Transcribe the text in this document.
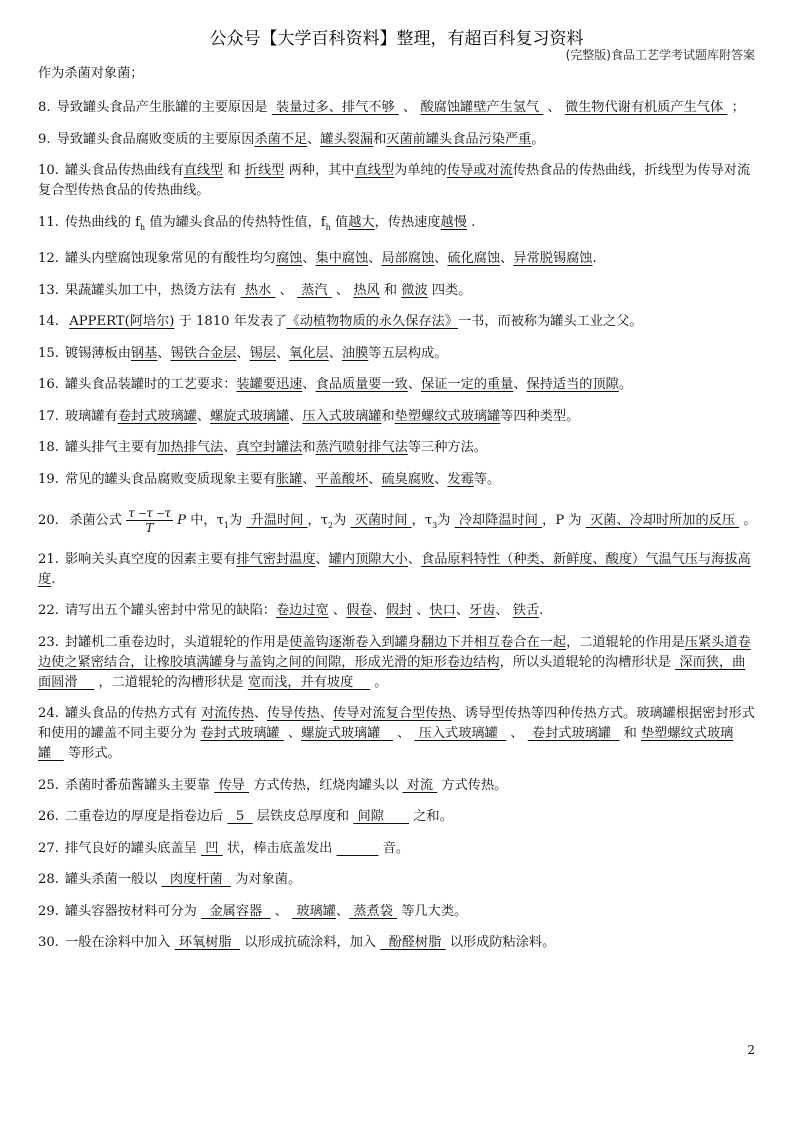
公众号【大学百科资料】整理，有超百科复习资料
(完整版)食品工艺学考试题库附答案
作为杀菌对象菌；
8. 导致罐头食品产生胀罐的主要原因是  装量过多、排气不够  、 酸腐蚀罐壁产生氢气  、 微生物代谢有机质产生气体  ；
9. 导致罐头食品腐败变质的主要原因杀菌不足、罐头裂漏和灭菌前罐头食品污染严重。
10. 罐头食品传热曲线有直线型 和 折线型 两种，其中直线型为单纯的传导或对流传热食品的传热曲线，折线型为传导对流复合型传热食品的传热曲线。
11. 传热曲线的 $f_h$ 值为罐头食品的传热特性值，$f_h$ 值越大，传热速度越慢 .
12. 罐头内壁腐蚀现象常见的有酸性均匀腐蚀、集中腐蚀、局部腐蚀、硫化腐蚀、异常脱锡腐蚀.
13. 果蔬罐头加工中，热烫方法有  热水  、  蒸汽  、 热风 和 微波 四类。
14. APPERT(阿培尔) 于 1810 年发表了《动植物物质的永久保存法》一书，而被称为罐头工业之父。
15. 镀锡薄板由钢基、锡铁合金层、锡层、氧化层、油膜等五层构成。
16. 罐头食品装罐时的工艺要求：装罐要迅速、食品质量要一致、保证一定的重量、保持适当的顶隙。
17. 玻璃罐有卷封式玻璃罐、螺旋式玻璃罐、压入式玻璃罐和垫塑螺纹式玻璃罐等四种类型。
18. 罐头排气主要有加热排气法、真空封罐法和蒸汽喷射排气法等三种方法。
19. 常见的罐头食品腐败变质现象主要有胀罐、平盖酸坏、硫臭腐败、发霉等。
20. 杀菌公式 $\frac{\tau ‒\tau ‒\tau}{T}$ P 中，$\tau_1$为  升温时间 ，$\tau_2$为  灭菌时间 ，$\tau_3$为  冷却降温时间 ，P 为  灭菌、冷却时所加的反压  。
21. 影响关头真空度的因素主要有排气密封温度、罐内顶隙大小、食品原料特性（种类、新鲜度、酸度）气温气压与海拔高度.
22. 请写出五个罐头密封中常见的缺陷：卷边过宽 、假卷、假封 、快口、牙齿、 铁舌.
23. 封罐机二重卷边时，头道辊轮的作用是使盖钩逐渐卷入到罐身翻边下并相互卷合在一起，二道辊轮的作用是压紧头道卷边使之紧密结合，让橡胶填满罐身与盖钩之间的间隙，形成光滑的矩形卷边结构，所以头道辊轮的沟槽形状是  深而狭，曲面圆滑     ，二道辊轮的沟槽形状是 宽而浅，并有坡度     。
24. 罐头食品的传热方式有 对流传热、传导传热、传导对流复合型传热、诱导型传热等四种传热方式。玻璃罐根据密封形式和使用的罐盖不同主要分为 卷封式玻璃罐  、螺旋式玻璃罐    、  压入式玻璃罐   、  卷封式玻璃罐   和 垫塑螺纹式玻璃罐    等形式。
25. 杀菌时番茄酱罐头主要靠  传导  方式传热，红烧肉罐头以  对流  方式传热。
26. 二重卷边的厚度是指卷边后   5   层铁皮总厚度和  间隙       之和。
27. 排气良好的罐头底盖呈  凹  状，棒击底盖发出	音。
28. 罐头杀菌一般以   肉度杆菌   为对象菌。
29. 罐头容器按材料可分为   金属容器   、  玻璃罐、 蒸煮袋  等几大类。
30. 一般在涂料中加入  环氧树脂   以形成抗硫涂料，加入   酚醛树脂  以形成防粘涂料。
2
